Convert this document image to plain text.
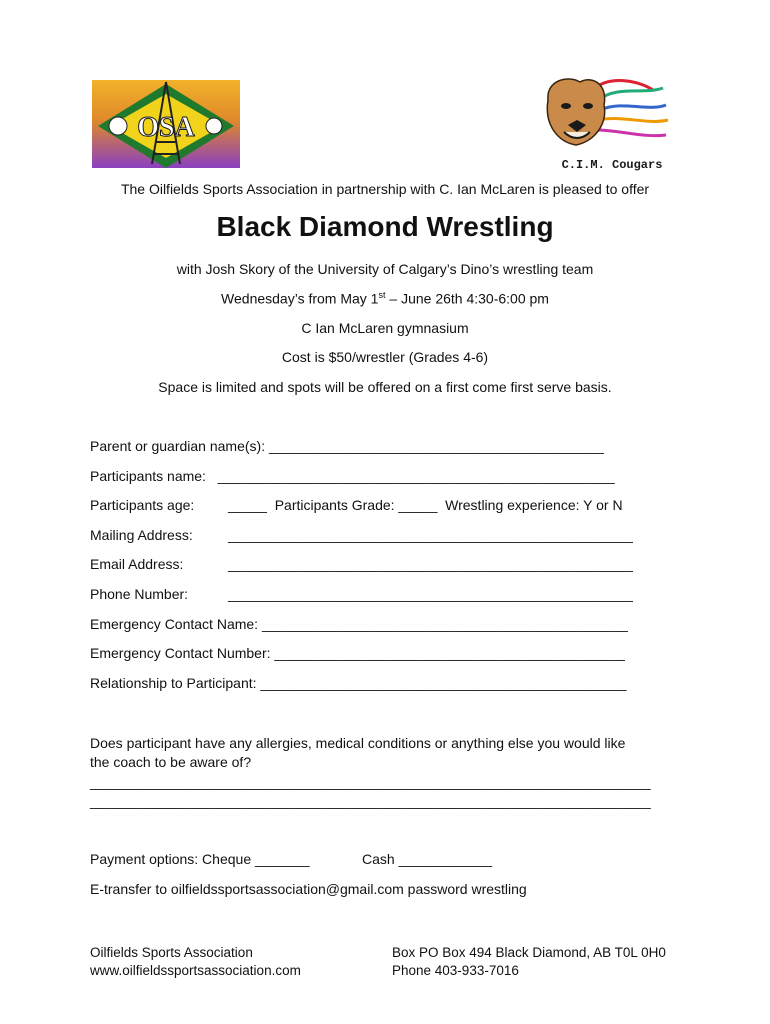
OSA
C.I.M. Cougars
The Oilfields Sports Association in partnership with C. Ian McLaren is pleased to offer
Black Diamond Wrestling
with Josh Skory of the University of Calgary’s Dino’s wrestling team
Wednesday’s from May 1st – June 26th 4:30-6:00 pm
C Ian McLaren gymnasium
Cost is $50/wrestler (Grades 4-6)
Space is limited and spots will be offered on a first come first serve basis.
Parent or guardian name(s): ___________________________________________
Participants name:   ___________________________________________________
Participants age: _____  Participants Grade: _____  Wrestling experience: Y or N
Mailing Address:	____________________________________________________
Email Address:	____________________________________________________
Phone Number:	____________________________________________________
Emergency Contact Name: _______________________________________________
Emergency Contact Number: _____________________________________________
Relationship to Participant: _______________________________________________
Does participant have any allergies, medical conditions or anything else you would like
the coach to be aware of?
________________________________________________________________________
________________________________________________________________________
Payment options: Cheque _______	Cash ____________
E-transfer to oilfieldssportsassociation@gmail.com password wrestling
Oilfields Sports Association
www.oilfieldssportsassociation.com
Box PO Box 494 Black Diamond, AB T0L 0H0
Phone 403-933-7016
